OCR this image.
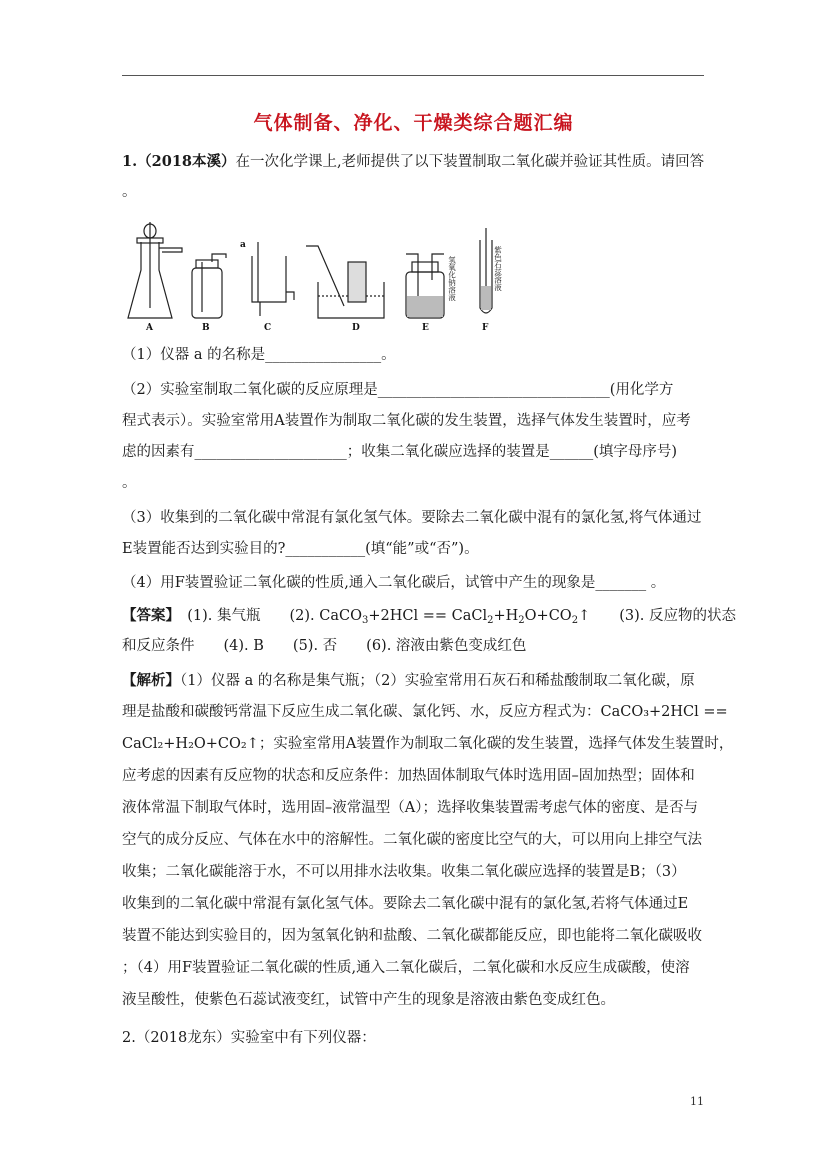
气体制备、净化、干燥类综合题汇编
1.（2018本溪）在一次化学课上,老师提供了以下装置制取二氧化碳并验证其性质。请回答
。
A	B	C	D	E	F
a
氢氧化钠溶液	紫色石蕊溶液
（1）仪器 a 的名称是________________。
（2）实验室制取二氧化碳的反应原理是________________________________(用化学方
程式表示）。实验室常用A装置作为制取二氧化碳的发生装置，选择气体发生装置时，应考
虑的因素有_____________________；收集二氧化碳应选择的装置是______(填字母序号)
。
（3）收集到的二氧化碳中常混有氯化氢气体。要除去二氧化碳中混有的氯化氢,将气体通过
E装置能否达到实验目的?___________(填“能”或“否”)。
（4）用F装置验证二氧化碳的性质,通入二氧化碳后，试管中产生的现象是_______ 。
【答案】　(1). 集气瓶　　(2). CaCO$_3$+2HCl == $CaCl_2+H_2O+CO_2↑$　　(3). 反应物的状态
和反应条件　　(4). B　　(5). 否　　(6). 溶液由紫色变成红色
【解析】（1）仪器 a 的名称是集气瓶；（2）实验室常用石灰石和稀盐酸制取二氧化碳，原
理是盐酸和碳酸钙常温下反应生成二氧化碳、氯化钙、水，反应方程式为：CaCO₃+2HCl ==
CaCl₂+H₂O+CO₂↑；实验室常用A装置作为制取二氧化碳的发生装置，选择气体发生装置时，
应考虑的因素有反应物的状态和反应条件：加热固体制取气体时选用固–固加热型；固体和
液体常温下制取气体时，选用固–液常温型（A）；选择收集装置需考虑气体的密度、是否与
空气的成分反应、气体在水中的溶解性。二氧化碳的密度比空气的大，可以用向上排空气法
收集；二氧化碳能溶于水，不可以用排水法收集。收集二氧化碳应选择的装置是B；（3）
收集到的二氧化碳中常混有氯化氢气体。要除去二氧化碳中混有的氯化氢,若将气体通过E
装置不能达到实验目的，因为氢氧化钠和盐酸、二氧化碳都能反应，即也能将二氧化碳吸收
；（4）用F装置验证二氧化碳的性质,通入二氧化碳后，二氧化碳和水反应生成碳酸，使溶
液呈酸性，使紫色石蕊试液变红，试管中产生的现象是溶液由紫色变成红色。
2.（2018龙东）实验室中有下列仪器：
11
